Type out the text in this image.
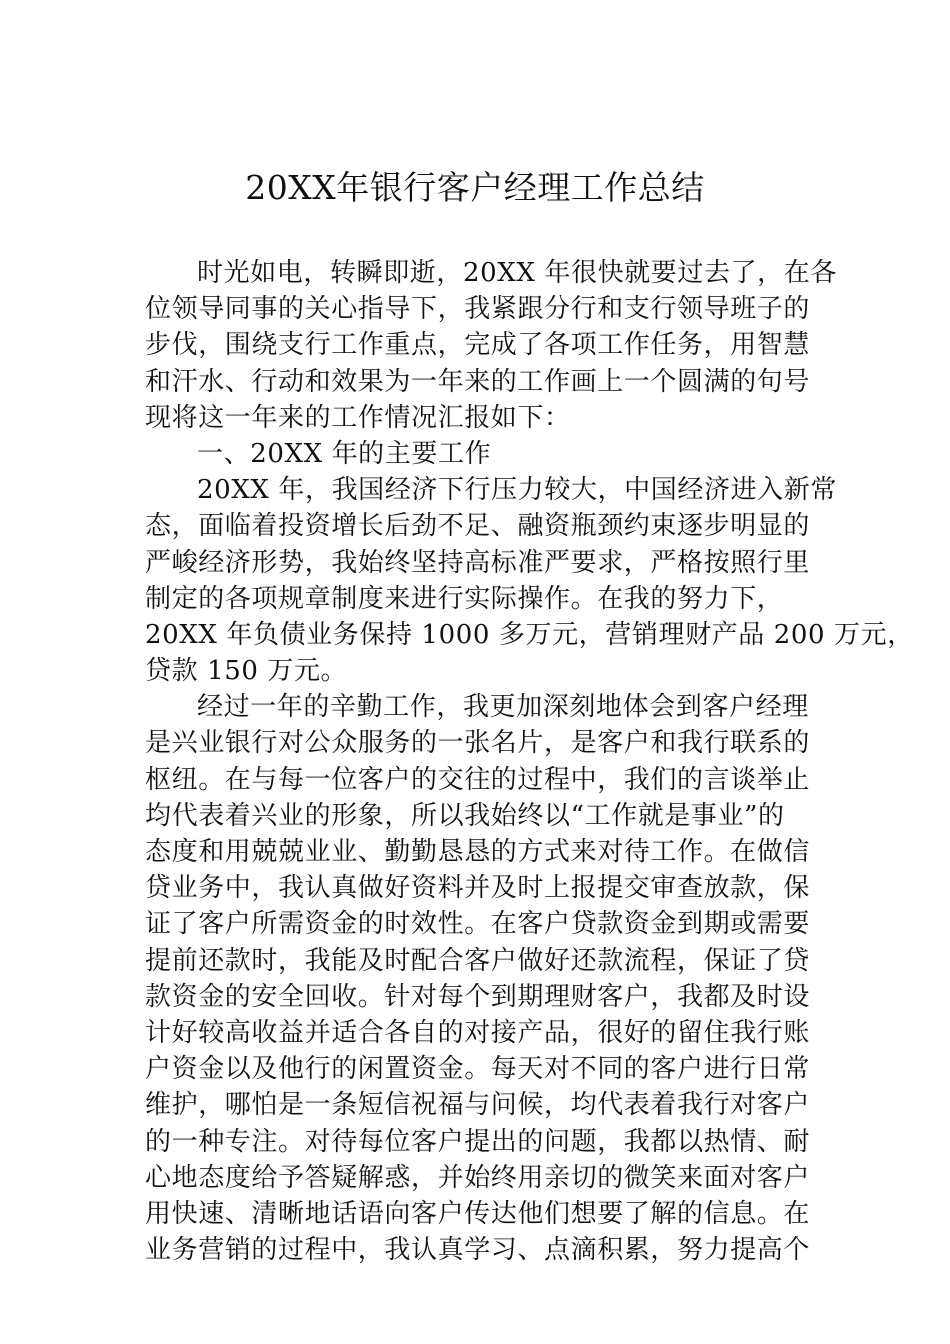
20XX年银行客户经理工作总结
时光如电，转瞬即逝，20XX 年很快就要过去了，在各
位领导同事的关心指导下，我紧跟分行和支行领导班子的
步伐，围绕支行工作重点，完成了各项工作任务，用智慧
和汗水、行动和效果为一年来的工作画上一个圆满的句号
现将这一年来的工作情况汇报如下：
一、20XX 年的主要工作
20XX 年，我国经济下行压力较大，中国经济进入新常
态，面临着投资增长后劲不足、融资瓶颈约束逐步明显的
严峻经济形势，我始终坚持高标准严要求，严格按照行里
制定的各项规章制度来进行实际操作。在我的努力下，
20XX 年负债业务保持 1000 多万元，营销理财产品 200 万元，
贷款 150 万元。
经过一年的辛勤工作，我更加深刻地体会到客户经理
是兴业银行对公众服务的一张名片，是客户和我行联系的
枢纽。在与每一位客户的交往的过程中，我们的言谈举止
均代表着兴业的形象，所以我始终以“工作就是事业”的
态度和用兢兢业业、勤勤恳恳的方式来对待工作。在做信
贷业务中，我认真做好资料并及时上报提交审查放款，保
证了客户所需资金的时效性。在客户贷款资金到期或需要
提前还款时，我能及时配合客户做好还款流程，保证了贷
款资金的安全回收。针对每个到期理财客户，我都及时设
计好较高收益并适合各自的对接产品，很好的留住我行账
户资金以及他行的闲置资金。每天对不同的客户进行日常
维护，哪怕是一条短信祝福与问候，均代表着我行对客户
的一种专注。对待每位客户提出的问题，我都以热情、耐
心地态度给予答疑解惑，并始终用亲切的微笑来面对客户
用快速、清晰地话语向客户传达他们想要了解的信息。在
业务营销的过程中，我认真学习、点滴积累，努力提高个
